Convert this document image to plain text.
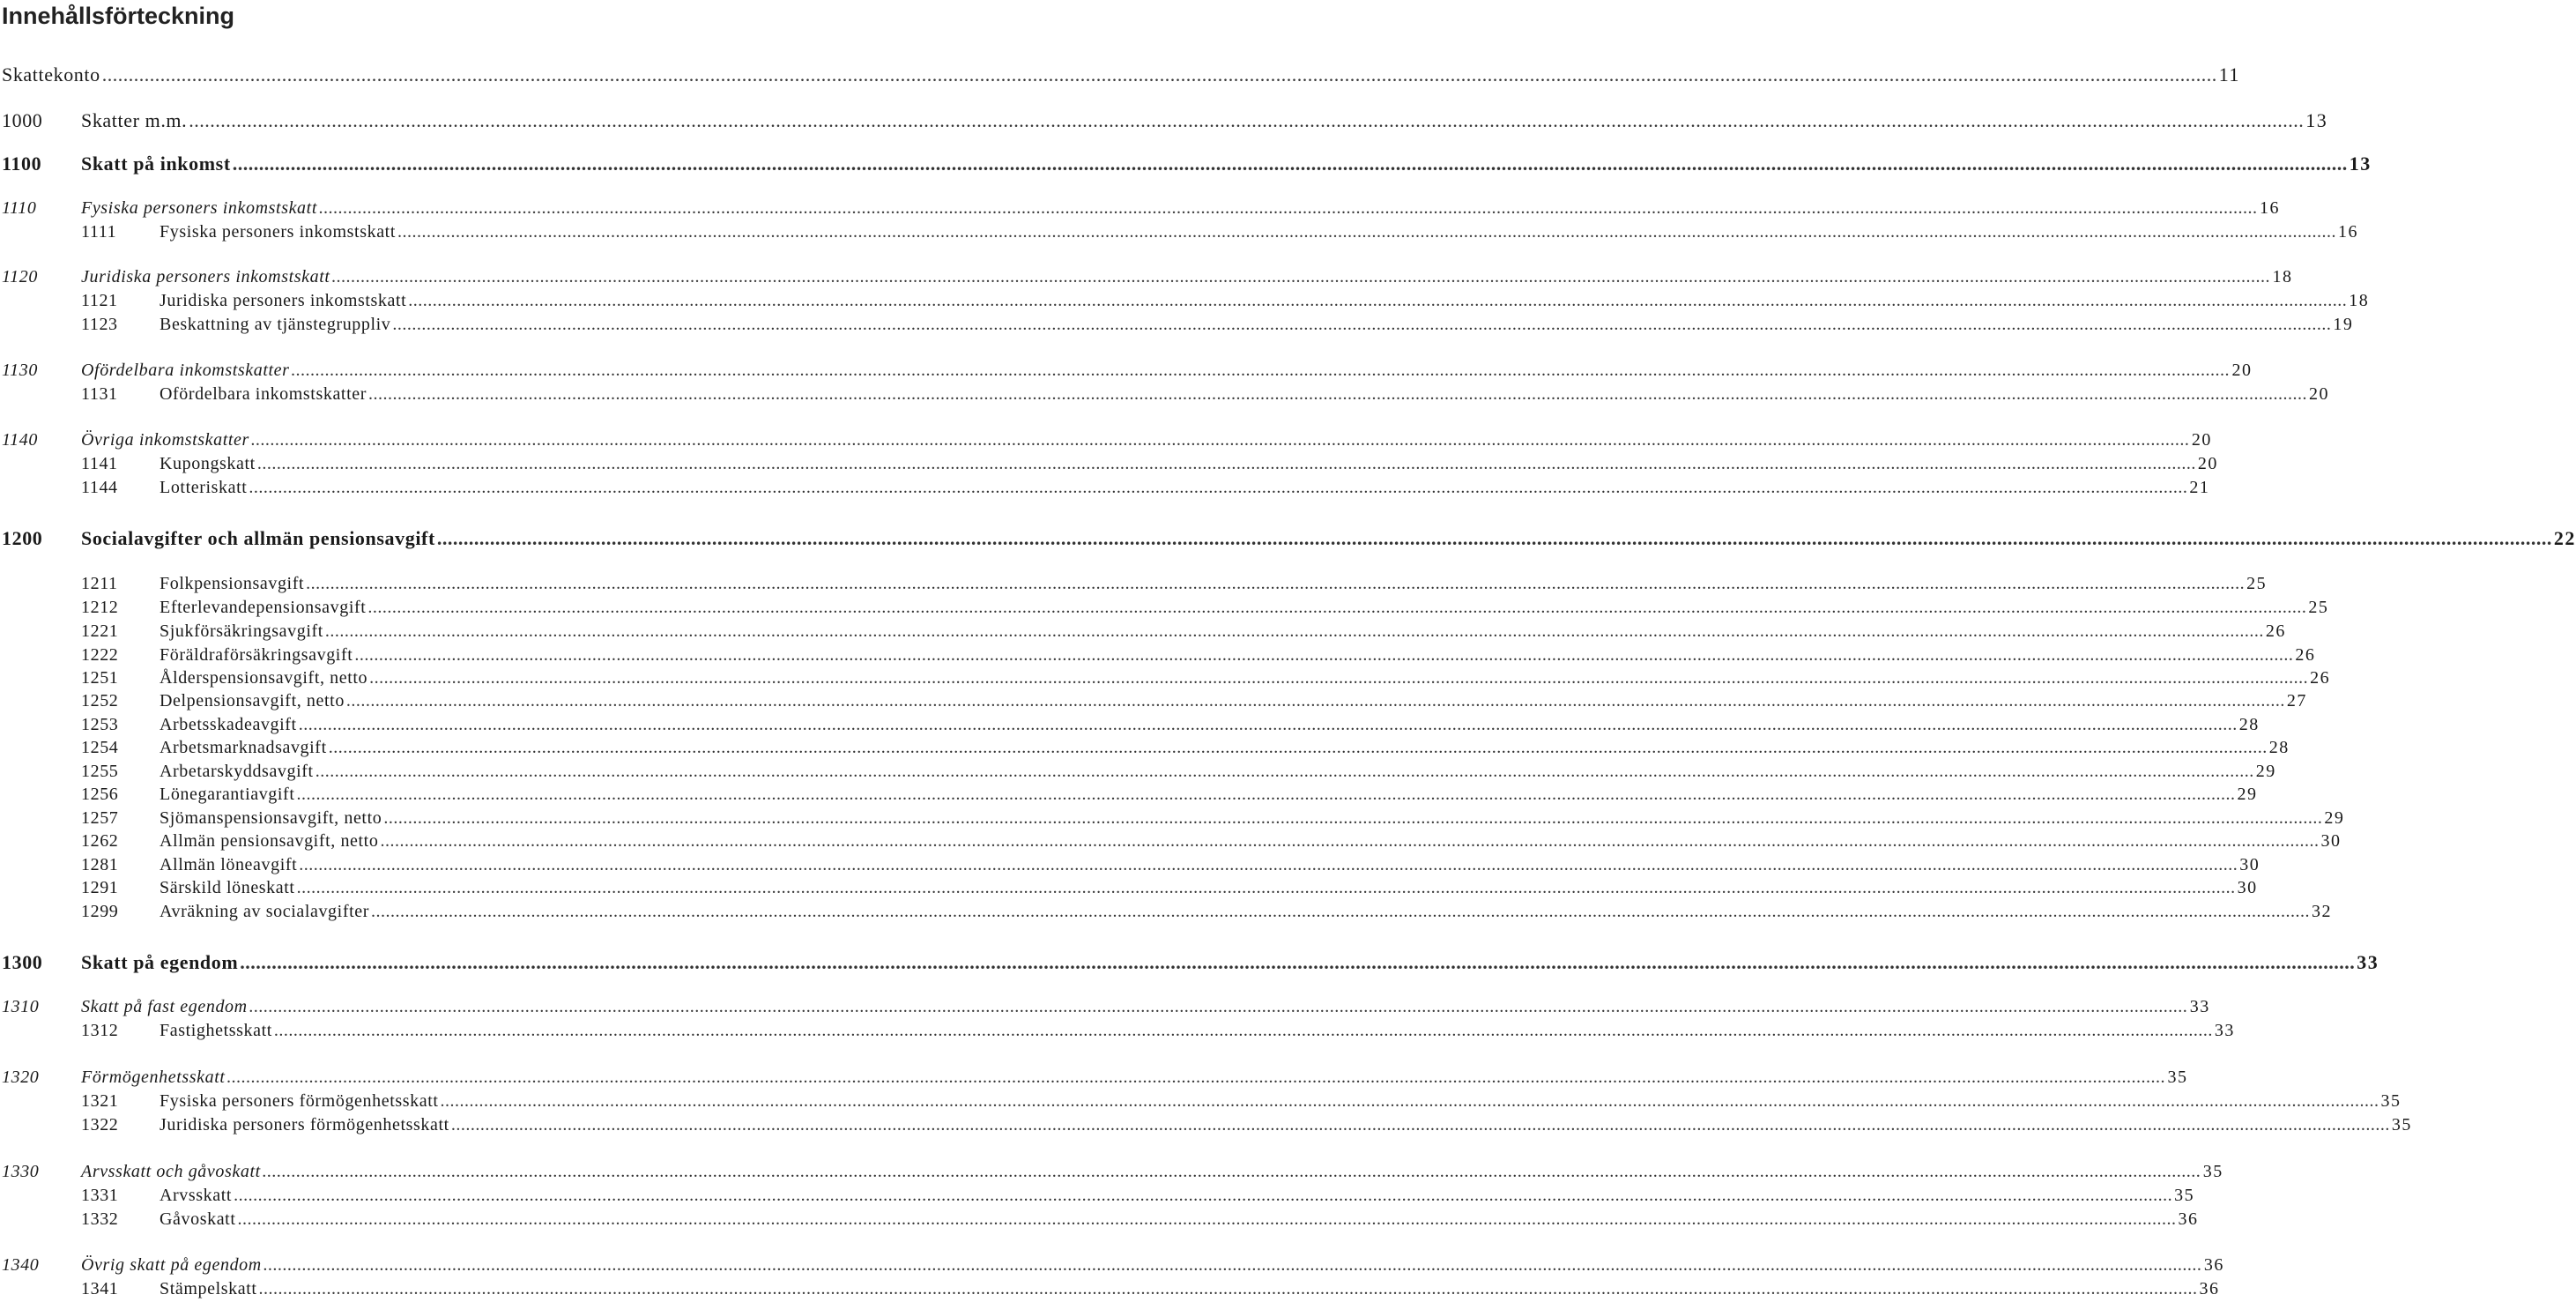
Innehållsförteckning
Skattekonto ................................................................................................................................................................................................................................................................................................................................................................................................................ 11
1000 Skatter m.m. ................................................................................................................................................................................................................................................................................................................................................................................................................ 13
1100 Skatt på inkomst ................................................................................................................................................................................................................................................................................................................................................................................................................ 13
1110	Fysiska personers inkomstskatt ................................................................................................................................................................................................................................................................................................................................................................................................................ 16
1111 Fysiska personers inkomstskatt ................................................................................................................................................................................................................................................................................................................................................................................................................ 16
1120 Juridiska personers inkomstskatt ................................................................................................................................................................................................................................................................................................................................................................................................................ 18
1121 Juridiska personers inkomstskatt ................................................................................................................................................................................................................................................................................................................................................................................................................ 18
1123 Beskattning av tjänstegruppliv ................................................................................................................................................................................................................................................................................................................................................................................................................ 19
1130 Ofördelbara inkomstskatter ................................................................................................................................................................................................................................................................................................................................................................................................................ 20
1131 Ofördelbara inkomstskatter ................................................................................................................................................................................................................................................................................................................................................................................................................ 20
1140 Övriga inkomstskatter ................................................................................................................................................................................................................................................................................................................................................................................................................ 20
1141 Kupongskatt ................................................................................................................................................................................................................................................................................................................................................................................................................ 20
1144 Lotteriskatt ................................................................................................................................................................................................................................................................................................................................................................................................................ 21
1200 Socialavgifter och allmän pensionsavgift ................................................................................................................................................................................................................................................................................................................................................................................................................ 22
1211 Folkpensionsavgift ................................................................................................................................................................................................................................................................................................................................................................................................................ 25
1212 Efterlevandepensionsavgift ................................................................................................................................................................................................................................................................................................................................................................................................................ 25
1221 Sjukförsäkringsavgift ................................................................................................................................................................................................................................................................................................................................................................................................................ 26
1222 Föräldraförsäkringsavgift ................................................................................................................................................................................................................................................................................................................................................................................................................ 26
1251 Ålderspensionsavgift, netto ................................................................................................................................................................................................................................................................................................................................................................................................................ 26
1252 Delpensionsavgift, netto ................................................................................................................................................................................................................................................................................................................................................................................................................ 27
1253 Arbetsskadeavgift ................................................................................................................................................................................................................................................................................................................................................................................................................ 28
1254 Arbetsmarknadsavgift ................................................................................................................................................................................................................................................................................................................................................................................................................ 28
1255 Arbetarskyddsavgift ................................................................................................................................................................................................................................................................................................................................................................................................................ 29
1256 Lönegarantiavgift ................................................................................................................................................................................................................................................................................................................................................................................................................ 29
1257 Sjömanspensionsavgift, netto ................................................................................................................................................................................................................................................................................................................................................................................................................ 29
1262 Allmän pensionsavgift, netto ................................................................................................................................................................................................................................................................................................................................................................................................................ 30
1281 Allmän löneavgift ................................................................................................................................................................................................................................................................................................................................................................................................................ 30
1291 Särskild löneskatt ................................................................................................................................................................................................................................................................................................................................................................................................................ 30
1299 Avräkning av socialavgifter ................................................................................................................................................................................................................................................................................................................................................................................................................ 32
1300 Skatt på egendom ................................................................................................................................................................................................................................................................................................................................................................................................................ 33
1310 Skatt på fast egendom ................................................................................................................................................................................................................................................................................................................................................................................................................ 33
1312 Fastighetsskatt ................................................................................................................................................................................................................................................................................................................................................................................................................ 33
1320 Förmögenhetsskatt ................................................................................................................................................................................................................................................................................................................................................................................................................ 35
1321 Fysiska personers förmögenhetsskatt ................................................................................................................................................................................................................................................................................................................................................................................................................ 35
1322 Juridiska personers förmögenhetsskatt ................................................................................................................................................................................................................................................................................................................................................................................................................ 35
1330 Arvsskatt och gåvoskatt ................................................................................................................................................................................................................................................................................................................................................................................................................ 35
1331 Arvsskatt ................................................................................................................................................................................................................................................................................................................................................................................................................ 35
1332 Gåvoskatt ................................................................................................................................................................................................................................................................................................................................................................................................................ 36
1340 Övrig skatt på egendom ................................................................................................................................................................................................................................................................................................................................................................................................................ 36
1341 Stämpelskatt ................................................................................................................................................................................................................................................................................................................................................................................................................ 36
